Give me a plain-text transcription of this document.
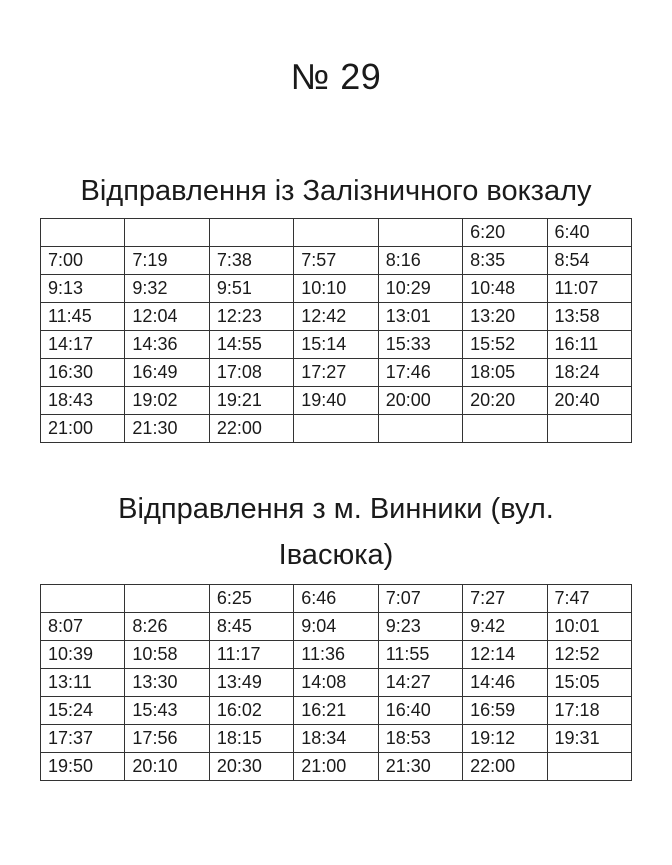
№ 29
Відправлення із Залізничного вокзалу
					6:20	6:40
7:00	7:19	7:38	7:57	8:16	8:35	8:54
9:13	9:32	9:51	10:10	10:29	10:48	11:07
11:45	12:04	12:23	12:42	13:01	13:20	13:58
14:17	14:36	14:55	15:14	15:33	15:52	16:11
16:30	16:49	17:08	17:27	17:46	18:05	18:24
18:43	19:02	19:21	19:40	20:00	20:20	20:40
21:00	21:30	22:00				
Відправлення з м. Винники (вул.
Івасюка)
		6:25	6:46	7:07	7:27	7:47
8:07	8:26	8:45	9:04	9:23	9:42	10:01
10:39	10:58	11:17	11:36	11:55	12:14	12:52
13:11	13:30	13:49	14:08	14:27	14:46	15:05
15:24	15:43	16:02	16:21	16:40	16:59	17:18
17:37	17:56	18:15	18:34	18:53	19:12	19:31
19:50	20:10	20:30	21:00	21:30	22:00	
